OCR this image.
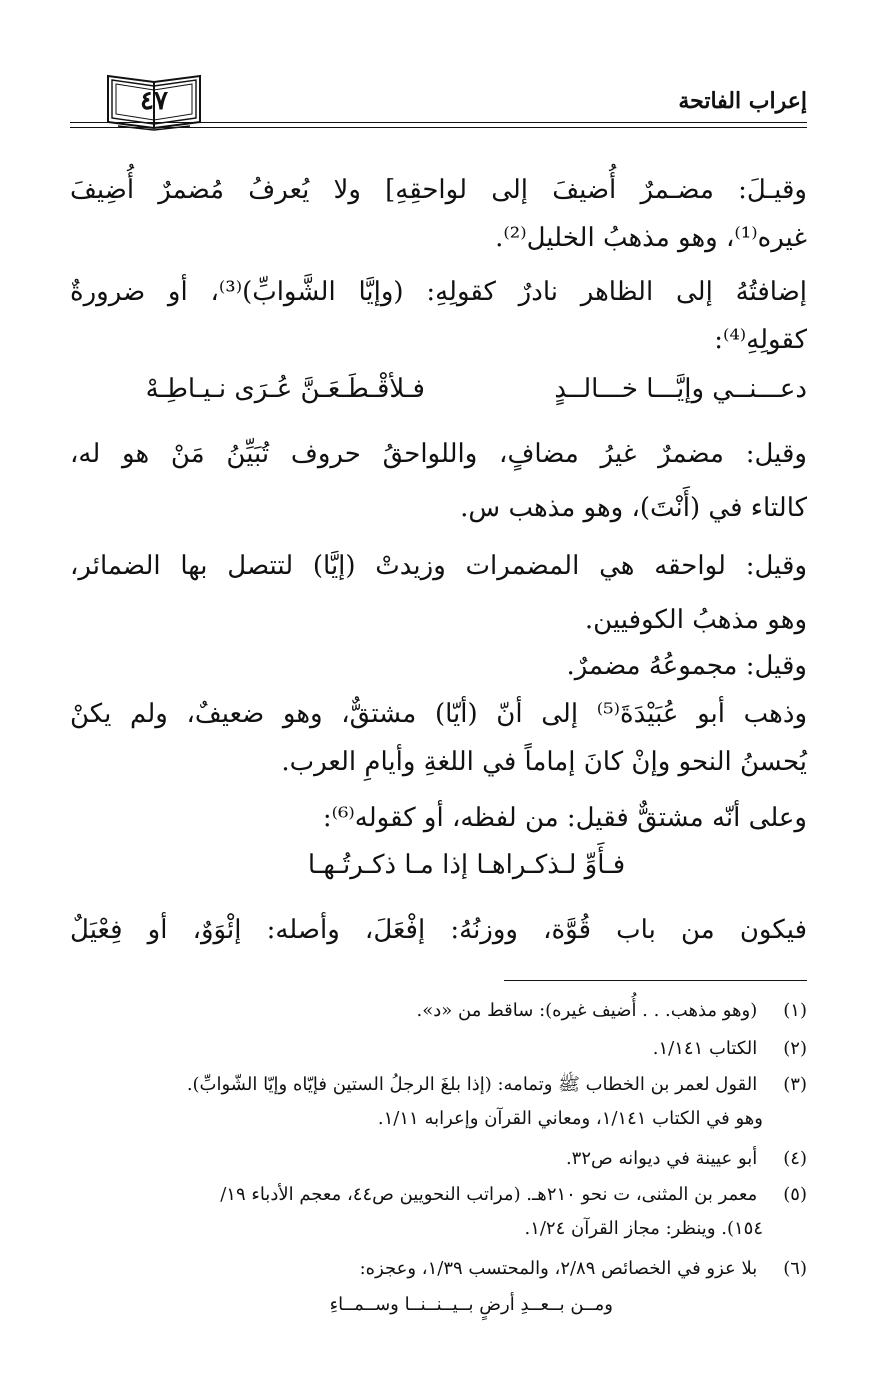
إعراب الفاتحة
٤٧
وقيـلَ: مضـمرٌ أُضيفَ إلى لواحقِهِ] ولا يُعرفُ مُضمرٌ أُضِيفَ
غيره⁽¹⁾، وهو مذهبُ الخليل⁽²⁾.
إضافتُهُ إلى الظاهر نادرٌ كقولِهِ: (وإيَّا الشَّوابِّ)⁽³⁾، أو ضرورةٌ
كقولِهِ⁽⁴⁾:
دعـــنــي وإيَّـــا خـــالــدٍ
فـلأقْـطَـعَـنَّ عُـرَى نـيـاطِـهْ
وقيل: مضمرٌ غيرُ مضافٍ، واللواحقُ حروف تُبَيِّنُ مَنْ هو له،
كالتاء في (أَنْتَ)، وهو مذهب س.
وقيل: لواحقه هي المضمرات وزيدتْ (إيَّا) لتتصل بها الضمائر،
وهو مذهبُ الكوفيين.
وقيل: مجموعُهُ مضمرٌ.
وذهب أبو عُبَيْدَةَ⁽⁵⁾ إلى أنّ (أيّا) مشتقٌّ، وهو ضعيفٌ، ولم يكنْ
يُحسنُ النحو وإنْ كانَ إماماً في اللغةِ وأيامِ العرب.
وعلى أنّه مشتقٌّ فقيل: من لفظه، أو كقوله⁽⁶⁾:
فـأَوِّ لـذكـراهـا إذا مـا ذكـرتُـهـا
فيكون من باب قُوَّة، ووزنُهُ: إفْعَلَ، وأصله: إئْوَوٌ، أو فِعْيَلٌ
(١) (وهو مذهب. . . أُضيف غيره): ساقط من «د».
(٢) الكتاب ١/١٤١.
(٣) القول لعمر بن الخطاب ﷺ وتمامه: (إذا بلغَ الرجلُ الستين فإيّاه وإيّا الشّوابِّ).
وهو في الكتاب ١/١٤١، ومعاني القرآن وإعرابه ١/١١.
(٤) أبو عيينة في ديوانه ص٣٢.
(٥) معمر بن المثنى، ت نحو ٢١٠هـ. (مراتب النحويين ص٤٤، معجم الأدباء ١٩/
١٥٤). وينظر: مجاز القرآن ١/٢٤.
(٦) بلا عزو في الخصائص ٢/٨٩، والمحتسب ١/٣٩، وعجزه:
ومــن بــعــدِ أرضٍ بــيــنــنــا وســمــاءِ
